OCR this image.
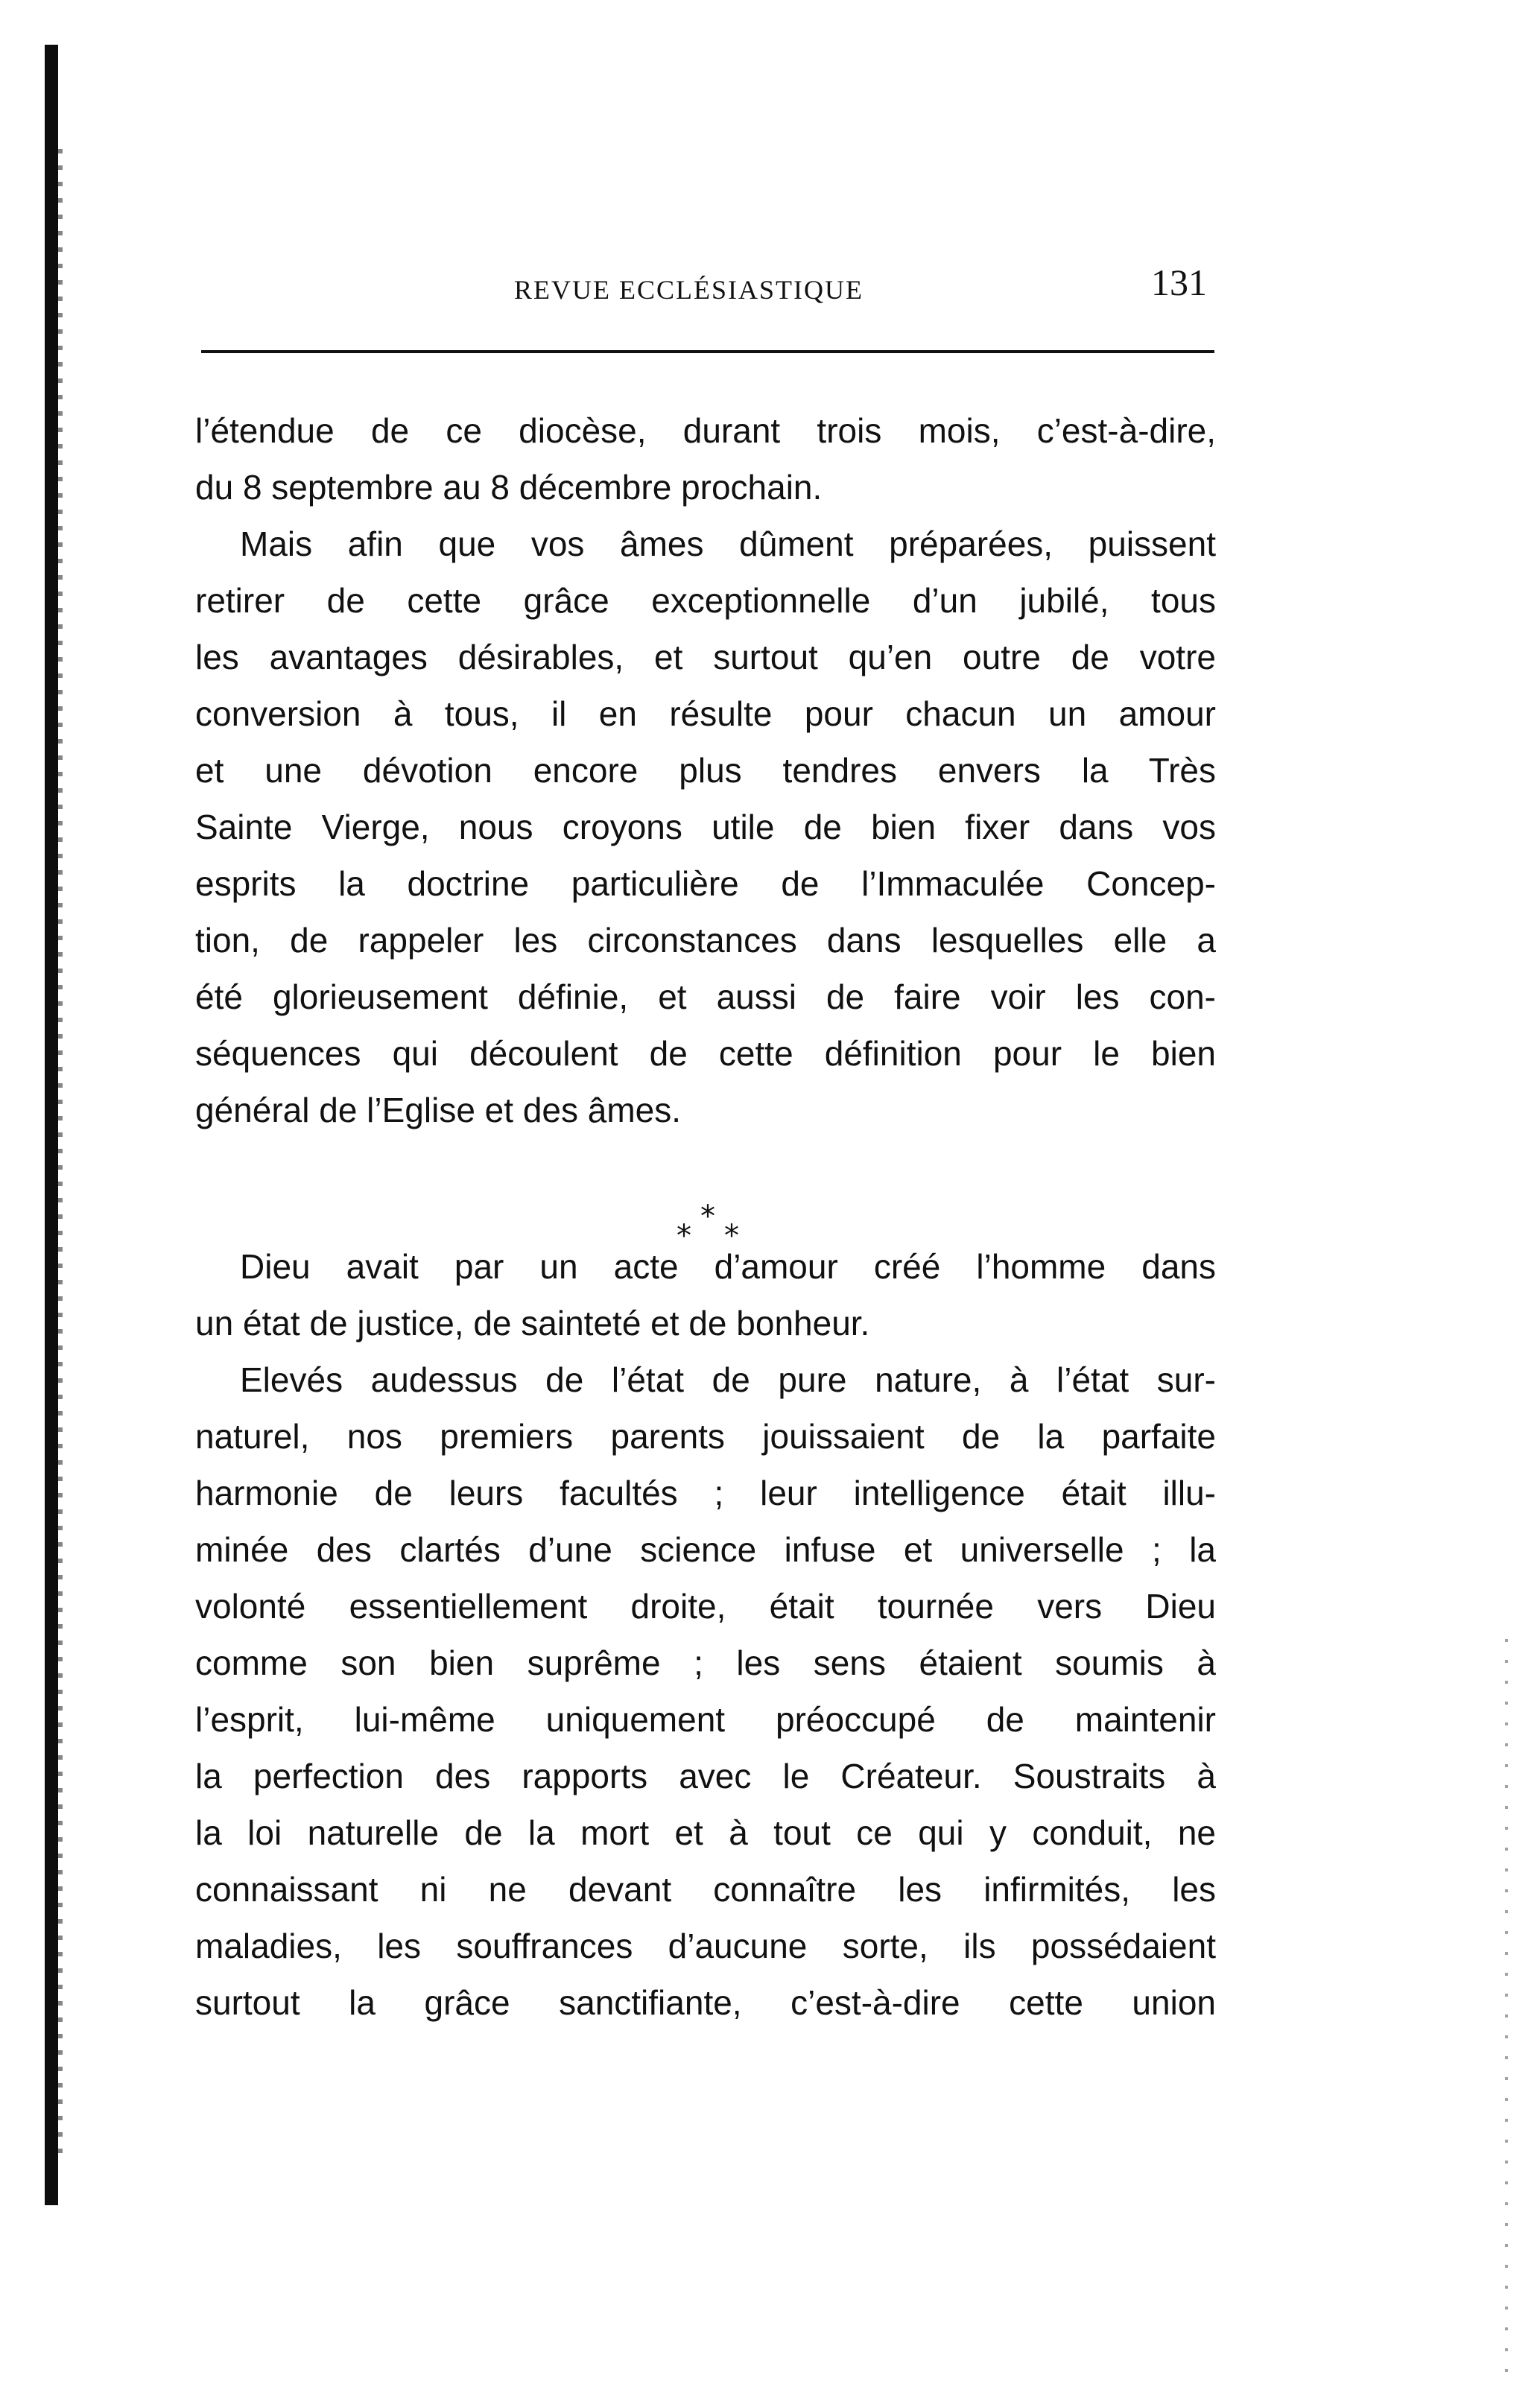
REVUE ECCLÉSIASTIQUE	131
l’étendue de ce diocèse, durant trois mois, c’est-à-dire,
du 8 septembre au 8 décembre prochain.
Mais afin que vos âmes dûment préparées, puissent
retirer de cette grâce exceptionnelle d’un jubilé, tous
les avantages désirables, et surtout qu’en outre de votre
conversion à tous, il en résulte pour chacun un amour
et une dévotion encore plus tendres envers la Très
Sainte Vierge, nous croyons utile de bien fixer dans vos
esprits la doctrine particulière de l’Immaculée Concep-
tion, de rappeler les circonstances dans lesquelles elle a
été glorieusement définie, et aussi de faire voir les con-
séquences qui découlent de cette définition pour le bien
général de l’Eglise et des âmes.
*
* *
Dieu avait par un acte d’amour créé l’homme dans
un état de justice, de sainteté et de bonheur.
Elevés audessus de l’état de pure nature, à l’état sur-
naturel, nos premiers parents jouissaient de la parfaite
harmonie de leurs facultés ; leur intelligence était illu-
minée des clartés d’une science infuse et universelle ; la
volonté essentiellement droite, était tournée vers Dieu
comme son bien suprême ; les sens étaient soumis à
l’esprit, lui-même uniquement préoccupé de maintenir
la perfection des rapports avec le Créateur. Soustraits à
la loi naturelle de la mort et à tout ce qui y conduit, ne
connaissant ni ne devant connaître les infirmités, les
maladies, les souffrances d’aucune sorte, ils possédaient
surtout la grâce sanctifiante, c’est-à-dire cette union
